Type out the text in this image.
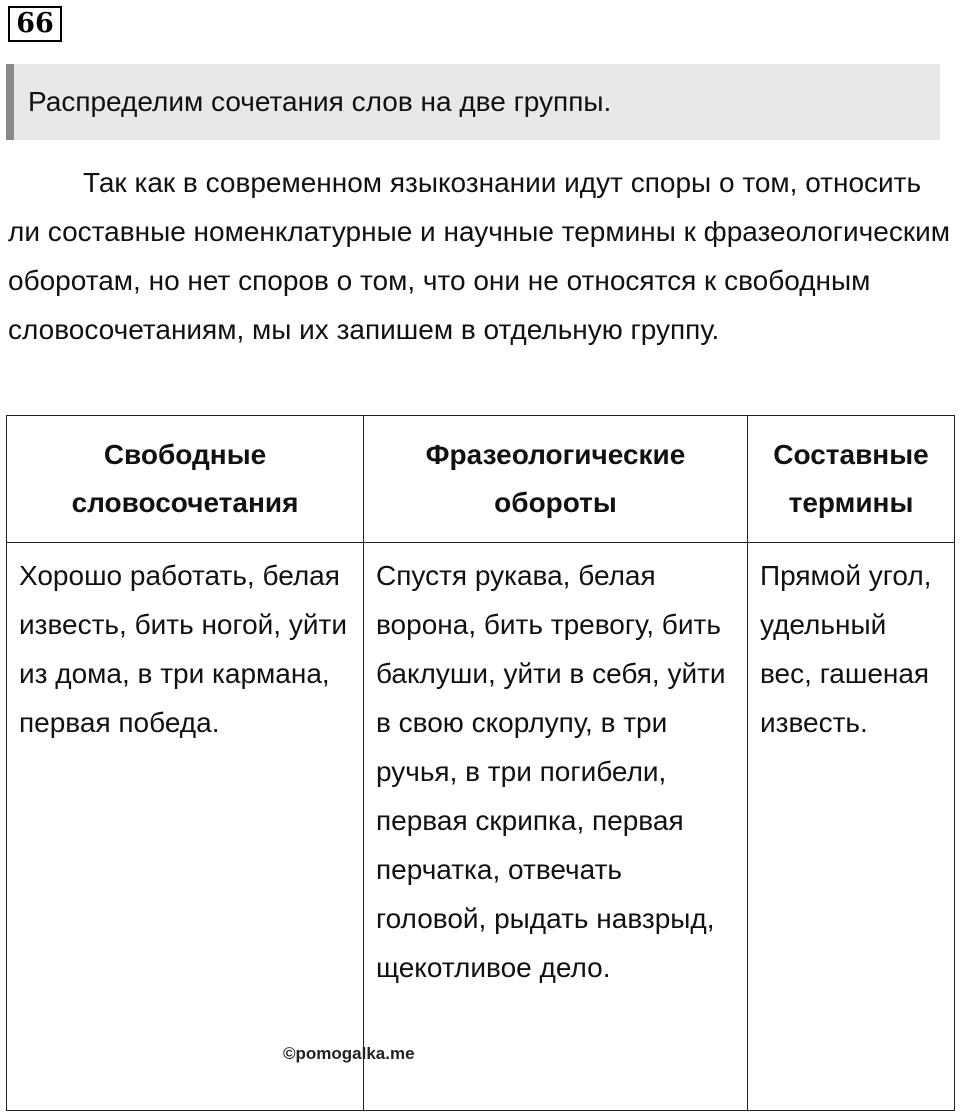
66
Распределим сочетания слов на две группы.

Так как в современном языкознании идут споры о том, относить ли составные номенклатурные и научные термины к фразеологическим оборотам, но нет споров о том, что они не относятся к свободным словосочетаниям, мы их запишем в отдельную группу.

Свободные словосочетания	Фразеологические обороты	Составные термины
Хорошо работать, белая известь, бить ногой, уйти из дома, в три кармана, первая победа.	Спустя рукава, белая ворона, бить тревогу, бить баклуши, уйти в себя, уйти в свою скорлупу, в три ручья, в три погибели, первая скрипка, первая перчатка, отвечать головой, рыдать навзрыд, щекотливое дело.	Прямой угол, удельный вес, гашеная известь.
©pomogalka.me
